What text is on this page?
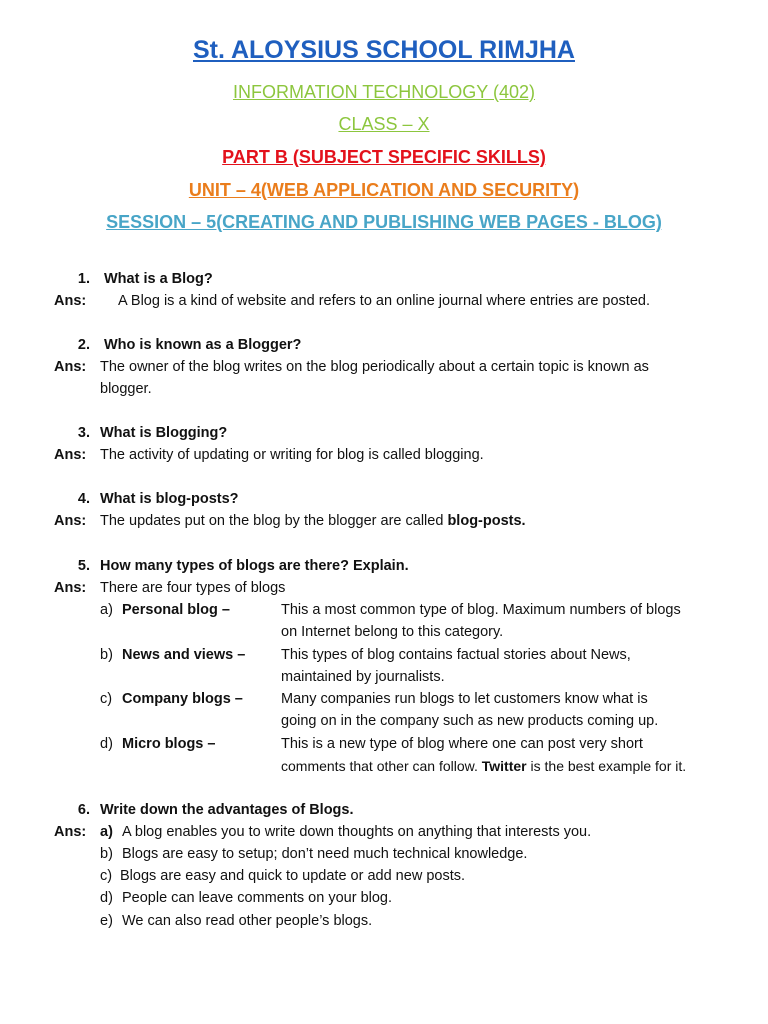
St. ALOYSIUS SCHOOL RIMJHA
INFORMATION TECHNOLOGY (402)
CLASS – X
PART B (SUBJECT SPECIFIC SKILLS)
UNIT – 4(WEB APPLICATION AND SECURITY)
SESSION – 5(CREATING AND PUBLISHING WEB PAGES - BLOG)
1. What is a Blog?
Ans: A Blog is a kind of website and refers to an online journal where entries are posted.
2. Who is known as a Blogger?
Ans: The owner of the blog writes on the blog periodically about a certain topic is known as
blogger.
3. What is Blogging?
Ans: The activity of updating or writing for blog is called blogging.
4. What is blog-posts?
Ans: The updates put on the blog by the blogger are called blog-posts.
5. How many types of blogs are there? Explain.
Ans: There are four types of blogs
a) Personal blog –	This a most common type of blog. Maximum numbers of blogs
on Internet belong to this category.
b) News and views – This types of blog contains factual stories about News,
maintained by journalists.
c) Company blogs –	Many companies run blogs to let customers know what is
going on in the company such as new products coming up.
d) Micro blogs –	This is a new type of blog where one can post very short
comments that other can follow. Twitter is the best example for it.
6. Write down the advantages of Blogs.
Ans: a) A blog enables you to write down thoughts on anything that interests you.
b) Blogs are easy to setup; don’t need much technical knowledge.
c) Blogs are easy and quick to update or add new posts.
d) People can leave comments on your blog.
e) We can also read other people’s blogs.
